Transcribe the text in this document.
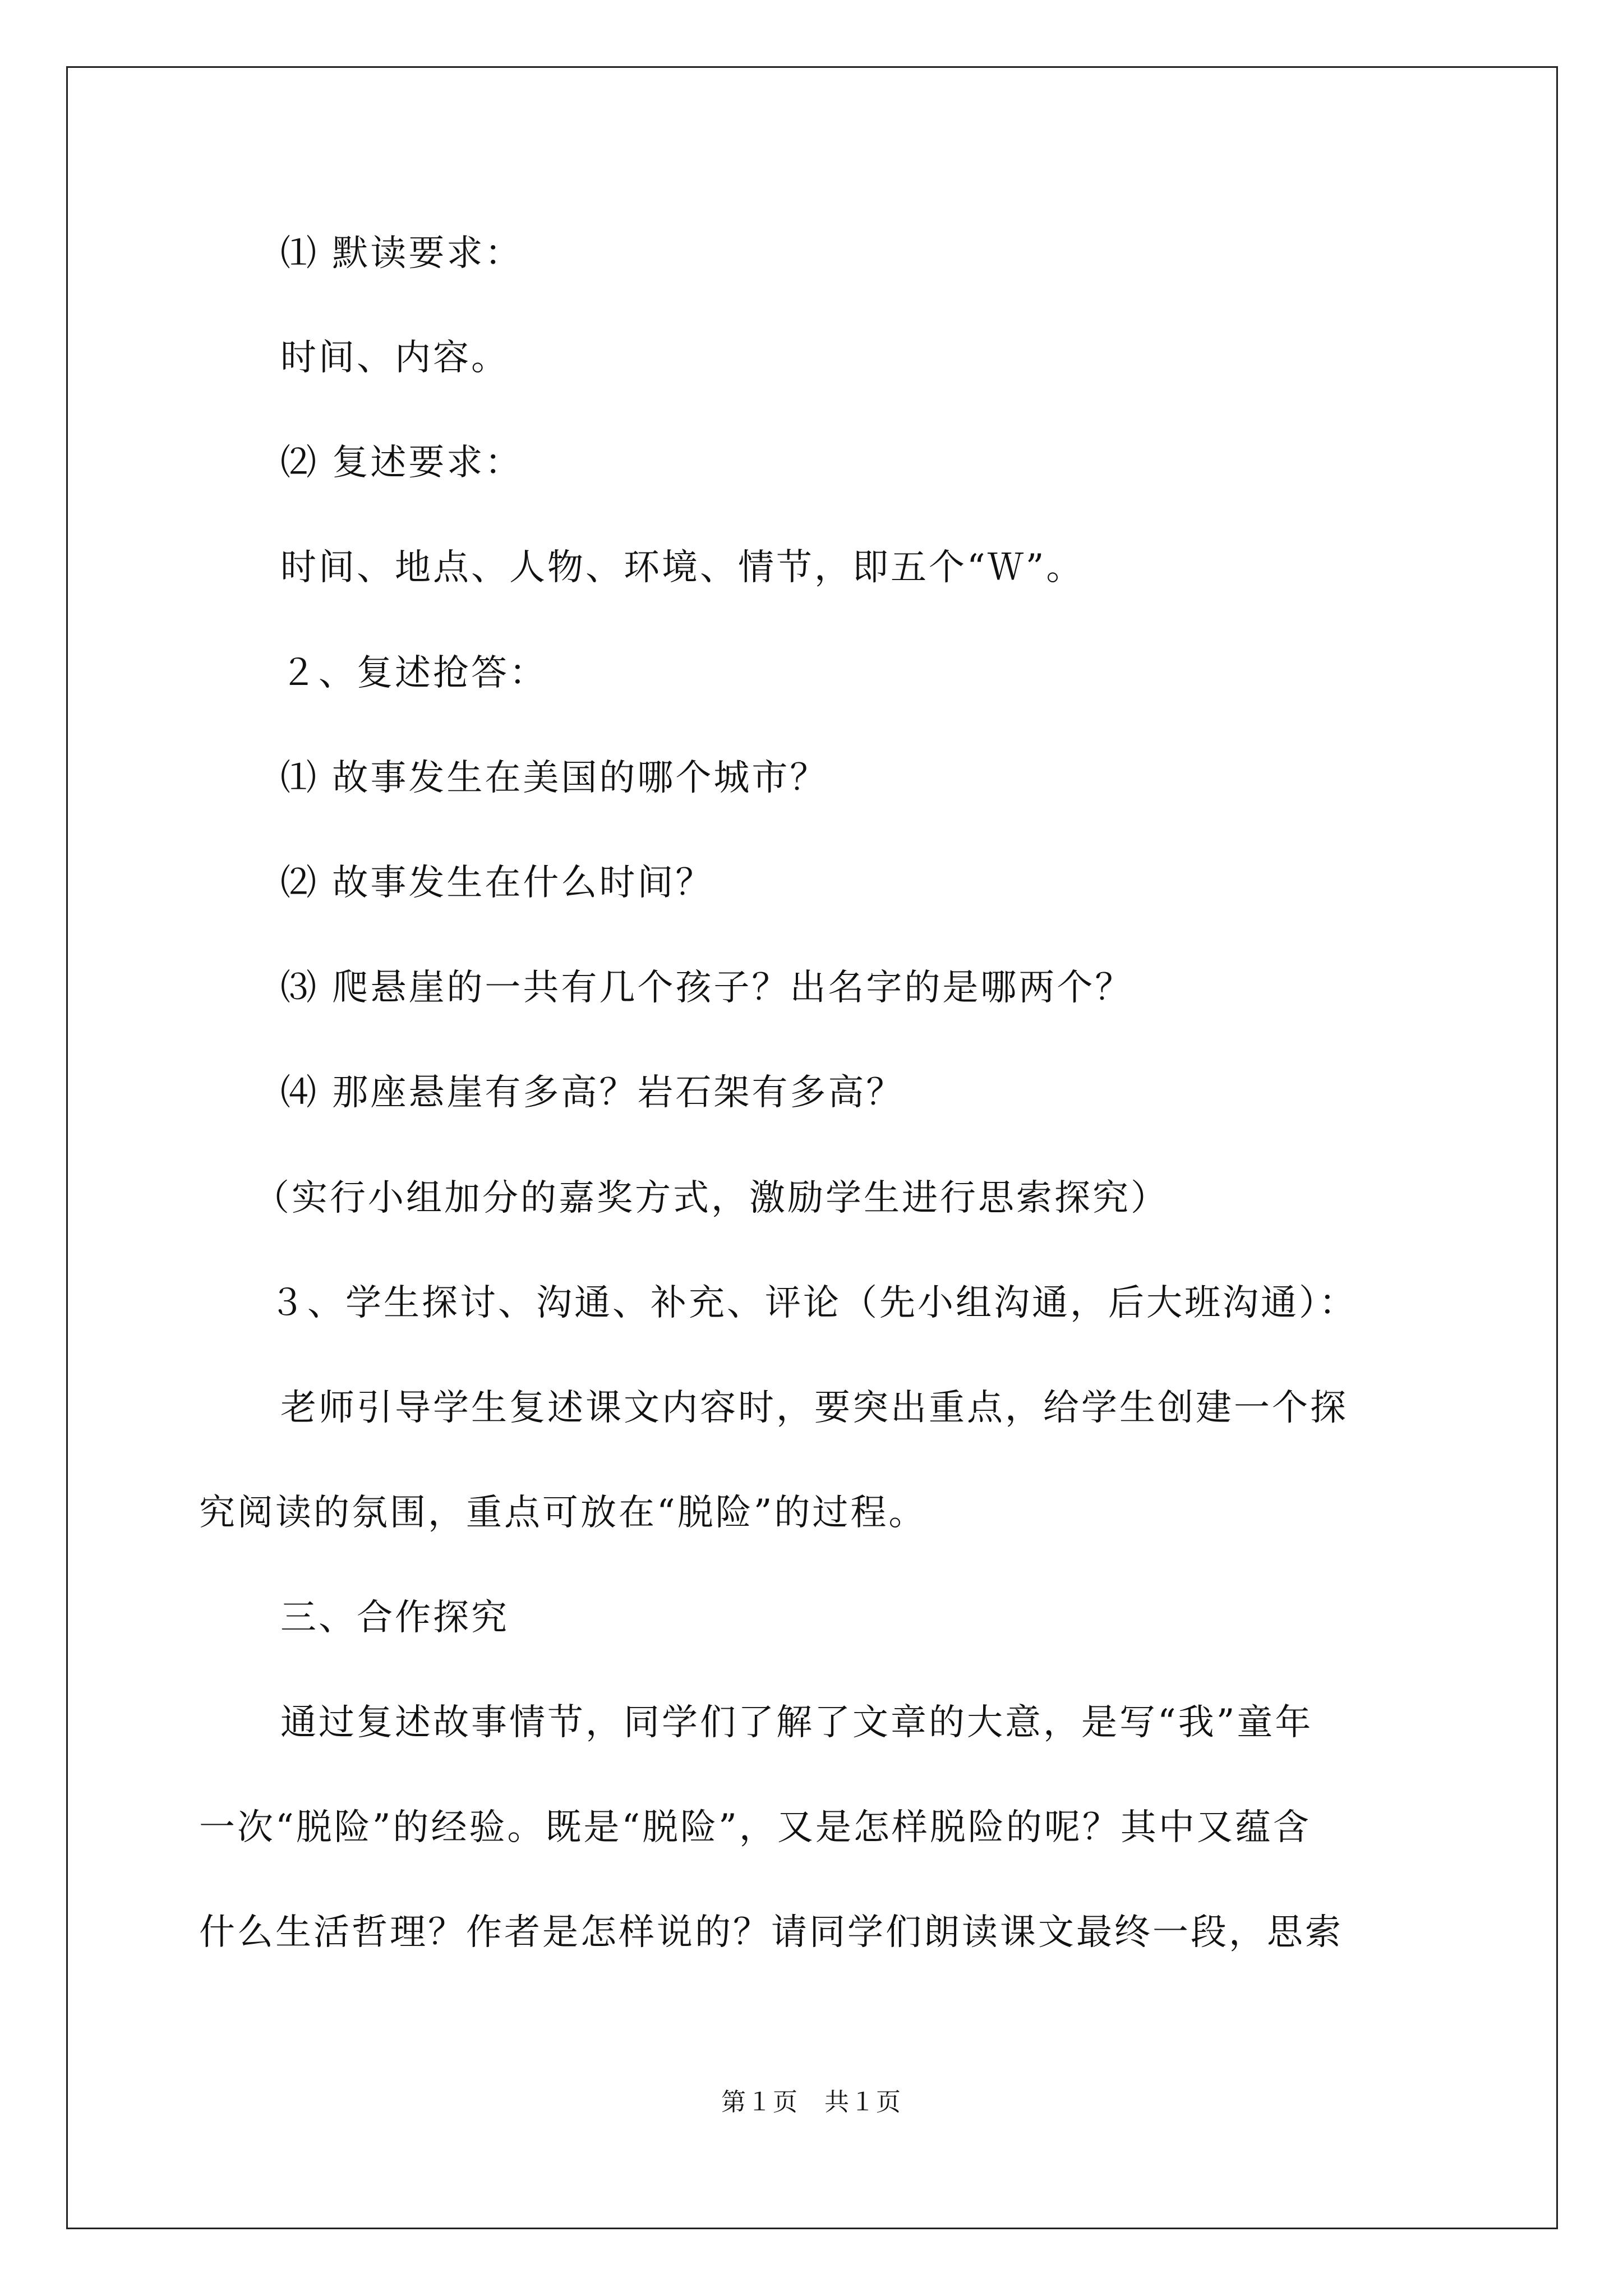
⑴ 默读要求：
时间、内容。
⑵ 复述要求：
时间、地点、人物、环境、情节，即五个“Ｗ”。
２、复述抢答：
⑴ 故事发生在美国的哪个城市？
⑵ 故事发生在什么时间？
⑶ 爬悬崖的一共有几个孩子？出名字的是哪两个？
⑷ 那座悬崖有多高？岩石架有多高？
（实行小组加分的嘉奖方式，激励学生进行思索探究）
３、学生探讨、沟通、补充、评论（先小组沟通，后大班沟通）：
老师引导学生复述课文内容时，要突出重点，给学生创建一个探
究阅读的氛围，重点可放在“脱险”的过程。
三、合作探究
通过复述故事情节，同学们了解了文章的大意，是写“我”童年
一次“脱险”的经验。既是“脱险”，又是怎样脱险的呢？其中又蕴含
什么生活哲理？作者是怎样说的？请同学们朗读课文最终一段，思索
第１页　共１页
